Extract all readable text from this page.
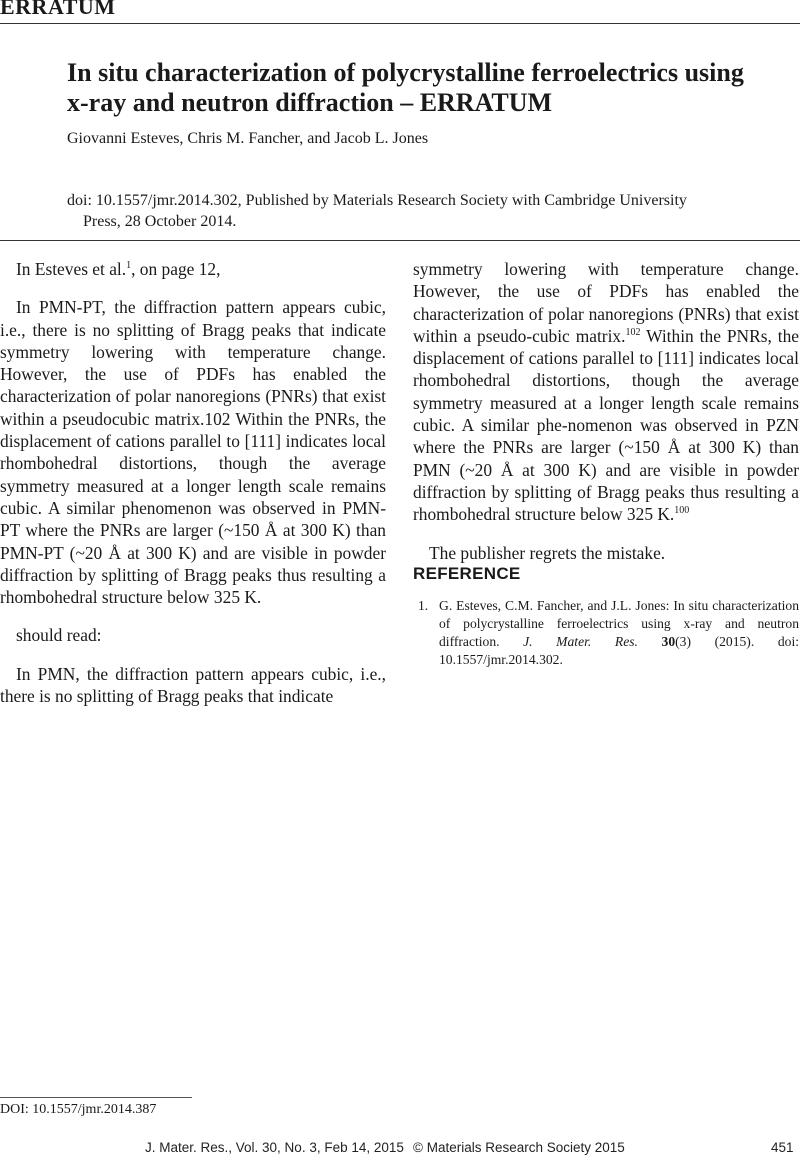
ERRATUM
In situ characterization of polycrystalline ferroelectrics using x-ray and neutron diffraction – ERRATUM
Giovanni Esteves, Chris M. Fancher, and Jacob L. Jones
doi: 10.1557/jmr.2014.302, Published by Materials Research Society with Cambridge University
Press, 28 October 2014.

In Esteves et al.$^1$, on page 12,

In PMN-PT, the diffraction pattern appears cubic, i.e., there is no splitting of Bragg peaks that indicate symmetry lowering with temperature change. However, the use of PDFs has enabled the characterization of polar nanoregions (PNRs) that exist within a pseudocubic matrix.102 Within the PNRs, the displacement of cations parallel to [111] indicates local rhombohedral distortions, though the average symmetry measured at a longer length scale remains cubic. A similar phenomenon was observed in PMN-PT where the PNRs are larger (~150 Å at 300 K) than PMN-PT (~20 Å at 300 K) and are visible in powder diffraction by splitting of Bragg peaks thus resulting a rhombohedral structure below 325 K.

should read:

In PMN, the diffraction pattern appears cubic, i.e., there is no splitting of Bragg peaks that indicate

symmetry lowering with temperature change. However, the use of PDFs has enabled the characterization of polar nanoregions (PNRs) that exist within a pseudo-cubic matrix.$^{102}$ Within the PNRs, the displacement of cations parallel to [111] indicates local rhombohedral distortions, though the average symmetry measured at a longer length scale remains cubic. A similar phe-nomenon was observed in PZN where the PNRs are larger (~150 Å at 300 K) than PMN (~20 Å at 300 K) and are visible in powder diffraction by splitting of Bragg peaks thus resulting a rhombohedral structure below 325 K.$^{100}$

The publisher regrets the mistake.

REFERENCE
1. G. Esteves, C.M. Fancher, and J.L. Jones: In situ characterization of polycrystalline ferroelectrics using x-ray and neutron diffraction. J. Mater. Res. 30(3) (2015). doi: 10.1557/jmr.2014.302.
DOI: 10.1557/jmr.2014.387
J. Mater. Res., Vol. 30, No. 3, Feb 14, 2015 © Materials Research Society 2015	451
